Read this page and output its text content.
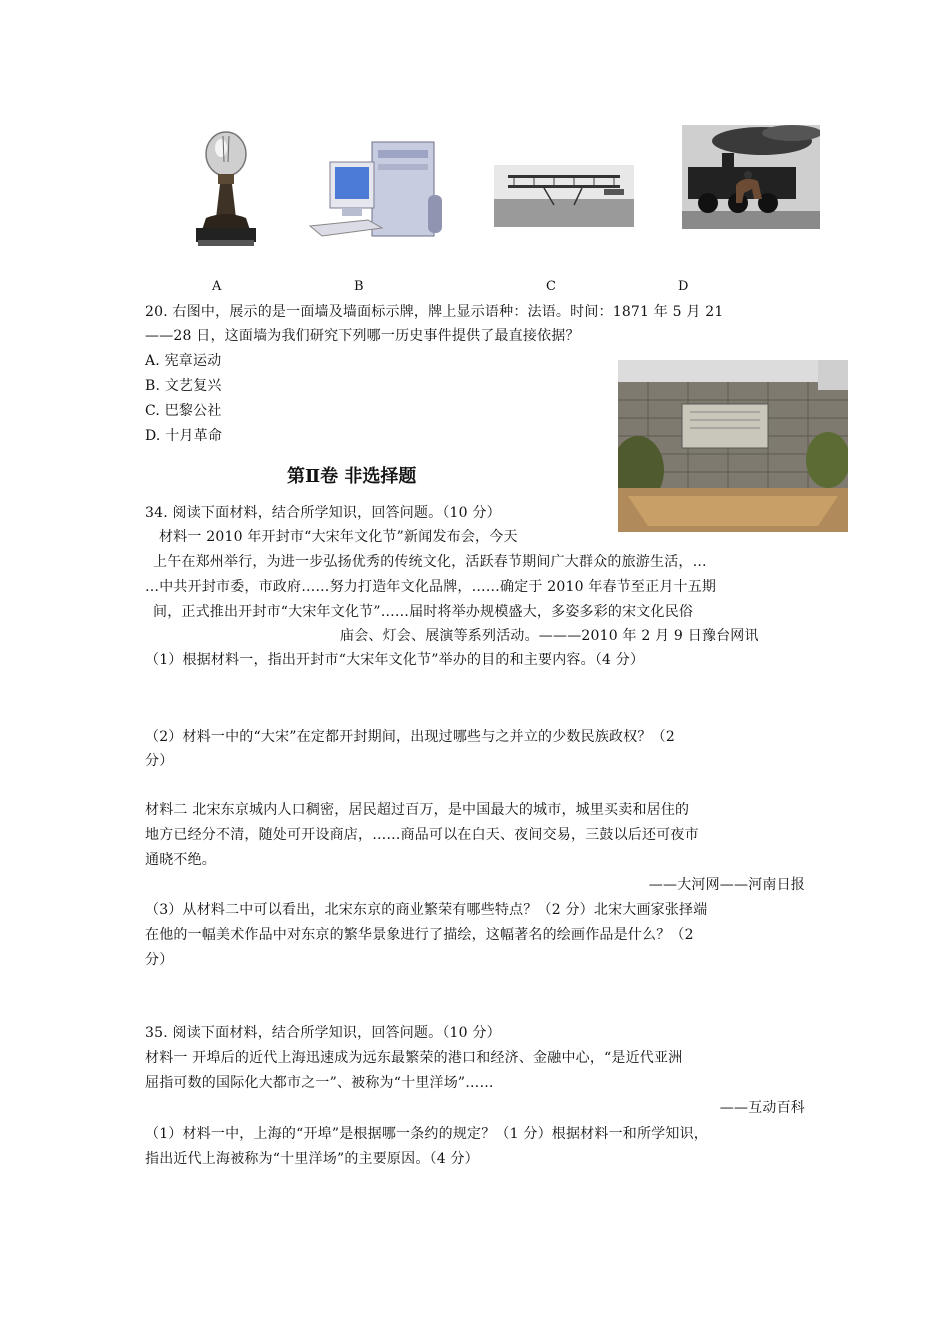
A	B	C	D
20. 右图中，展示的是一面墙及墙面标示牌，牌上显示语种：法语。时间：1871 年 5 月 21
——28 日，这面墙为我们研究下列哪一历史事件提供了最直接依据？
A. 宪章运动
B. 文艺复兴
C. 巴黎公社
D. 十月革命
第Ⅱ卷 非选择题
34. 阅读下面材料，结合所学知识，回答问题。（10 分）
材料一 2010 年开封市“大宋年文化节”新闻发布会，今天
上午在郑州举行，为进一步弘扬优秀的传统文化，活跃春节期间广大群众的旅游生活，…
…中共开封市委，市政府……努力打造年文化品牌，……确定于 2010 年春节至正月十五期
间，正式推出开封市“大宋年文化节”……届时将举办规模盛大，多姿多彩的宋文化民俗
庙会、灯会、展演等系列活动。———2010 年 2 月 9 日豫台网讯
（1）根据材料一，指出开封市“大宋年文化节”举办的目的和主要内容。（4 分）
（2）材料一中的“大宋”在定都开封期间，出现过哪些与之并立的少数民族政权？（2
分）
材料二 北宋东京城内人口稠密，居民超过百万，是中国最大的城市，城里买卖和居住的
地方已经分不清，随处可开设商店，……商品可以在白天、夜间交易，三鼓以后还可夜市
通晓不绝。
——大河网——河南日报
（3）从材料二中可以看出，北宋东京的商业繁荣有哪些特点？（2 分）北宋大画家张择端
在他的一幅美术作品中对东京的繁华景象进行了描绘，这幅著名的绘画作品是什么？（2
分）
35. 阅读下面材料，结合所学知识，回答问题。（10 分）
材料一 开埠后的近代上海迅速成为远东最繁荣的港口和经济、金融中心，“是近代亚洲
屈指可数的国际化大都市之一”、被称为“十里洋场”……
——互动百科
（1）材料一中，上海的“开埠”是根据哪一条约的规定？（1 分）根据材料一和所学知识，
指出近代上海被称为“十里洋场”的主要原因。（4 分）
